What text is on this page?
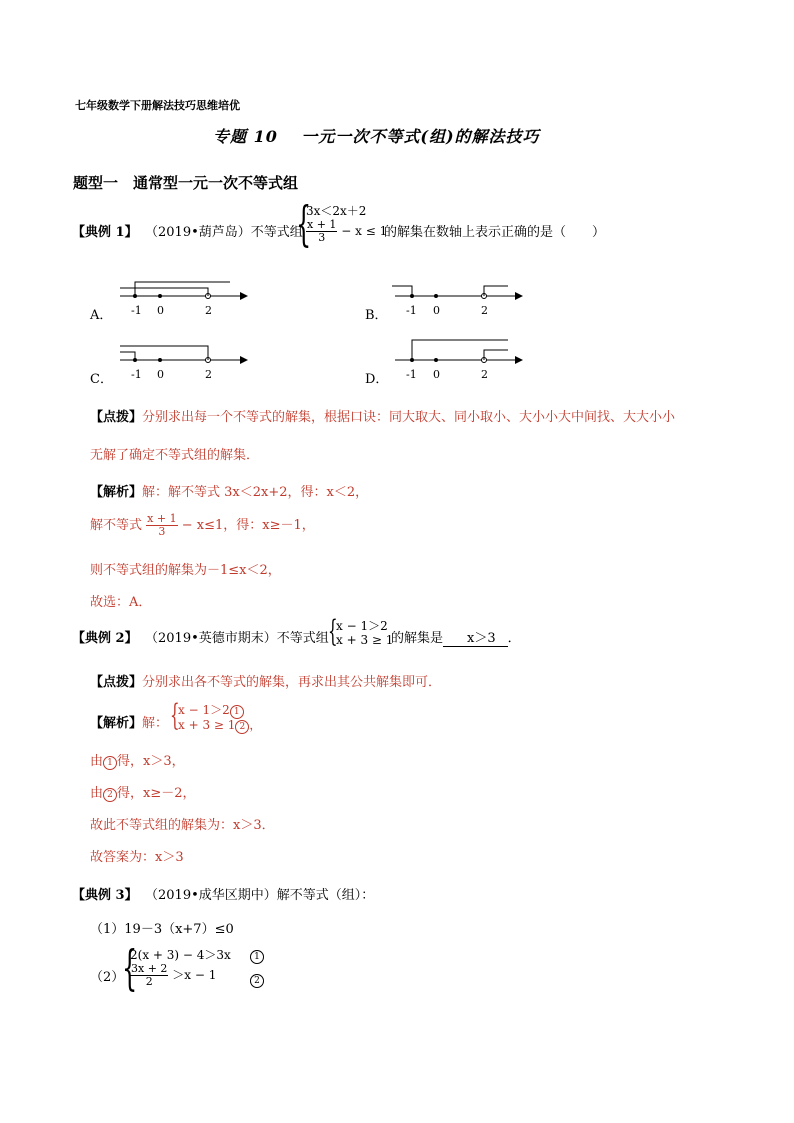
七年级数学下册解法技巧思维培优
专题 10　 一元一次不等式(组)的解法技巧
题型一　通常型一元一次不等式组
【典例 1】 （2019•葫芦岛）不等式组
{
3x＜2x＋2
$\frac{x + 1}{3} - x \le 1$
的解集在数轴上表示正确的是（　　）
-1 0	2	-1 0	2
-1 0	2	-1 0	2
A．	B．
C．	D．
【点拨】分别求出每一个不等式的解集，根据口诀：同大取大、同小取小、大小小大中间找、大大小小
无解了确定不等式组的解集．
【解析】解：解不等式 3x＜2x+2，得：x＜2，
解不等式 $\frac{x + 1}{3} - x\le 1$，得：x≥－1，
则不等式组的解集为－1≤x＜2，
故选：A．
【典例 2】 （2019•英德市期末）不等式组 {
x − 1＞2
x + 3 ≥ 1
的解集是 x＞3 ．
【点拨】分别求出各不等式的解集，再求出其公共解集即可．
【解析】解： {
x − 1＞2 1
x + 3 ≥ 1 2 ，
由 1 得，x＞3，
由 2 得，x≥－2，
故此不等式组的解集为：x＞3．
故答案为：x＞3
【典例 3】 （2019•成华区期中）解不等式（组）：
（1）19－3（x+7）≤0
（2）
{
2(x + 3) − 4＞3x
$\frac{3x + 2}{2} >x - 1$
1
2
